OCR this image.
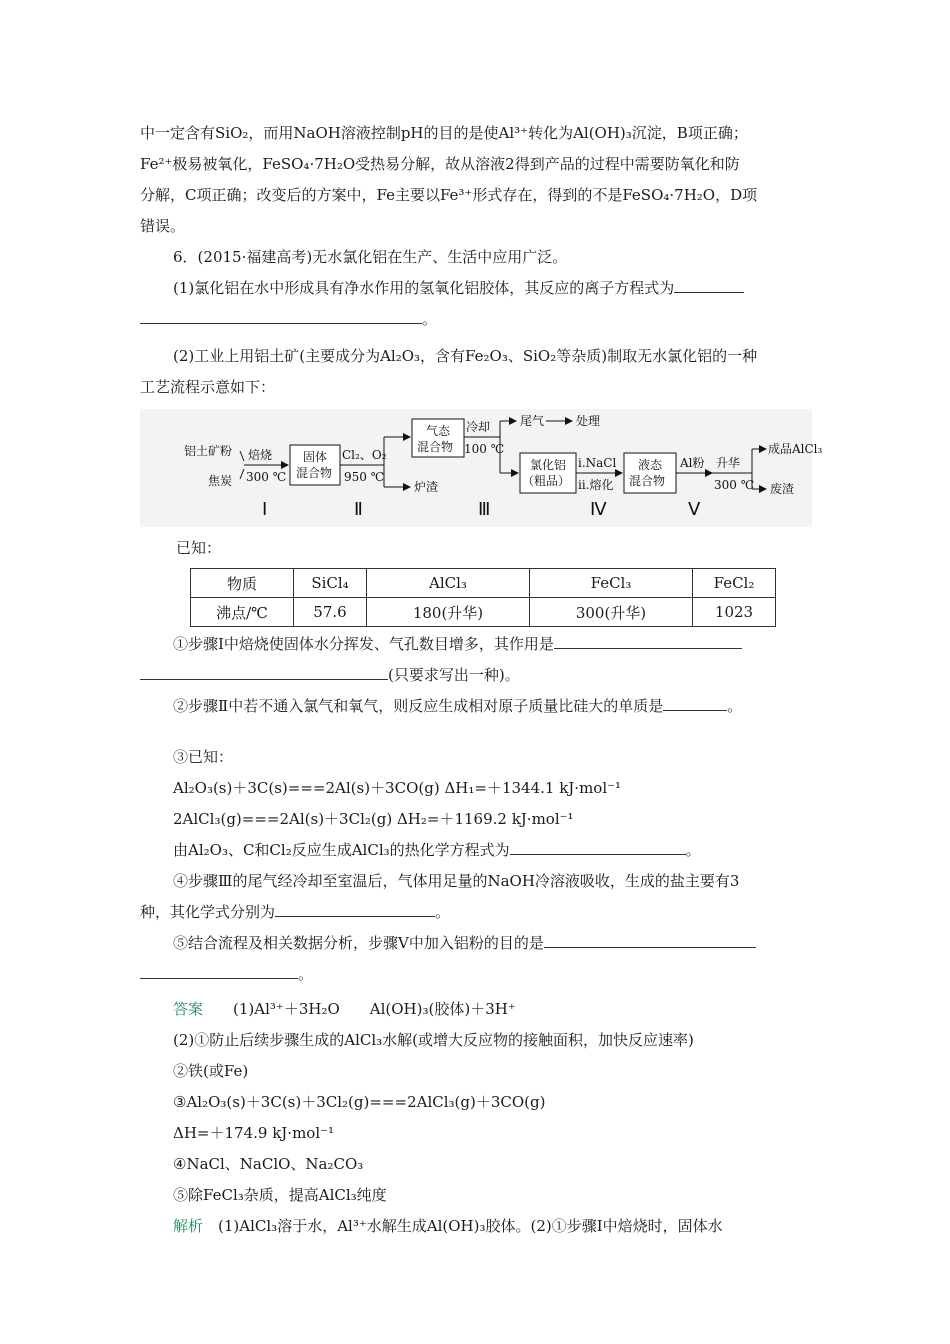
中一定含有SiO₂，而用NaOH溶液控制pH的目的是使Al³⁺转化为Al(OH)₃沉淀，B项正确；

Fe²⁺极易被氧化，FeSO₄·7H₂O受热易分解，故从溶液2得到产品的过程中需要防氧化和防

分解，C项正确；改变后的方案中，Fe主要以Fe³⁺形式存在，得到的不是FeSO₄·7H₂O，D项

错误。

6．(2015·福建高考)无水氯化铝在生产、生活中应用广泛。

(1)氯化铝在水中形成具有净水作用的氢氧化铝胶体，其反应的离子方程式为

。

(2)工业上用铝土矿(主要成分为Al₂O₃，含有Fe₂O₃、SiO₂等杂质)制取无水氯化铝的一种

工艺流程示意如下：

铝土矿粉
焦炭
焙烧
300 ℃
固体
混合物
Cl₂、O₂
950 ℃
炉渣
气态
混合物
冷却
100 ℃
尾气	处理
氯化铝
（粗品）
ⅰ.NaCl
ⅱ.熔化
液态
混合物
Al粉 升华
300 ℃
成品AlCl₃
废渣
Ⅰ	Ⅱ	Ⅲ	Ⅳ	Ⅴ

已知：

物质	SiCl₄	AlCl₃	FeCl₃	FeCl₂
沸点/℃	57.6	180(升华)	300(升华)	1023

①步骤Ⅰ中焙烧使固体水分挥发、气孔数目增多，其作用是

(只要求写出一种)。

②步骤Ⅱ中若不通入氯气和氧气，则反应生成相对原子质量比硅大的单质是	。

③已知：

Al₂O₃(s)＋3C(s)===2Al(s)＋3CO(g) ΔH₁=＋1344.1 kJ·mol⁻¹

2AlCl₃(g)===2Al(s)＋3Cl₂(g) ΔH₂=＋1169.2 kJ·mol⁻¹

由Al₂O₃、C和Cl₂反应生成AlCl₃的热化学方程式为	。

④步骤Ⅲ的尾气经冷却至室温后，气体用足量的NaOH冷溶液吸收，生成的盐主要有3

种，其化学式分别为	。

⑤结合流程及相关数据分析，步骤Ⅴ中加入铝粉的目的是

。

答案　　 (1)Al³⁺＋3H₂O　　Al(OH)₃(胶体)＋3H⁺

(2)①防止后续步骤生成的AlCl₃水解(或增大反应物的接触面积，加快反应速率)

②铁(或Fe)

③Al₂O₃(s)＋3C(s)＋3Cl₂(g)===2AlCl₃(g)＋3CO(g)

ΔH=＋174.9 kJ·mol⁻¹

④NaCl、NaClO、Na₂CO₃

⑤除FeCl₃杂质，提高AlCl₃纯度

解析　 (1)AlCl₃溶于水，Al³⁺水解生成Al(OH)₃胶体。(2)①步骤Ⅰ中焙烧时，固体水
